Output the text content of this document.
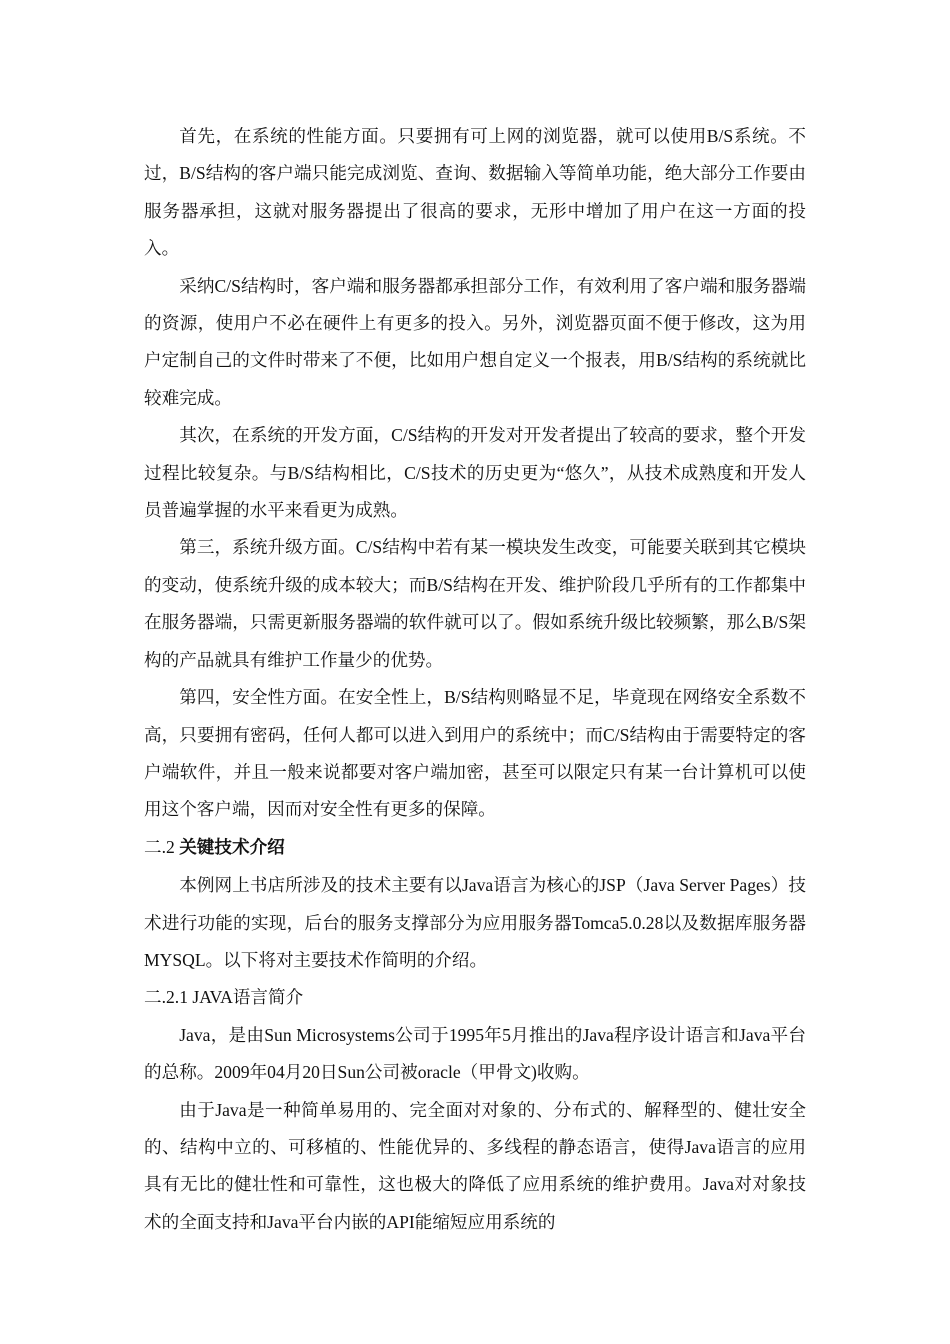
首先，在系统的性能方面。只要拥有可上网的浏览器，就可以使用B/S系统。不过，B/S结构的客户端只能完成浏览、查询、数据输入等简单功能，绝大部分工作要由服务器承担，这就对服务器提出了很高的要求，无形中增加了用户在这一方面的投入。

采纳C/S结构时，客户端和服务器都承担部分工作，有效利用了客户端和服务器端的资源，使用户不必在硬件上有更多的投入。另外，浏览器页面不便于修改，这为用户定制自己的文件时带来了不便，比如用户想自定义一个报表，用B/S结构的系统就比较难完成。

其次，在系统的开发方面，C/S结构的开发对开发者提出了较高的要求，整个开发过程比较复杂。与B/S结构相比，C/S技术的历史更为“悠久”，从技术成熟度和开发人员普遍掌握的水平来看更为成熟。

第三，系统升级方面。C/S结构中若有某一模块发生改变，可能要关联到其它模块的变动，使系统升级的成本较大；而B/S结构在开发、维护阶段几乎所有的工作都集中在服务器端，只需更新服务器端的软件就可以了。假如系统升级比较频繁，那么B/S架构的产品就具有维护工作量少的优势。

第四，安全性方面。在安全性上，B/S结构则略显不足，毕竟现在网络安全系数不高，只要拥有密码，任何人都可以进入到用户的系统中；而C/S结构由于需要特定的客户端软件，并且一般来说都要对客户端加密，甚至可以限定只有某一台计算机可以使用这个客户端，因而对安全性有更多的保障。

二.2 关键技术介绍

本例网上书店所涉及的技术主要有以Java语言为核心的JSP（Java Server Pages）技术进行功能的实现，后台的服务支撑部分为应用服务器Tomca5.0.28以及数据库服务器MYSQL。以下将对主要技术作简明的介绍。

二.2.1 JAVA语言简介

Java，是由Sun Microsystems公司于1995年5月推出的Java程序设计语言和Java平台的总称。2009年04月20日Sun公司被oracle（甲骨文)收购。

由于Java是一种简单易用的、完全面对对象的、分布式的、解释型的、健壮安全的、结构中立的、可移植的、性能优异的、多线程的静态语言，使得Java语言的应用具有无比的健壮性和可靠性，这也极大的降低了应用系统的维护费用。Java对对象技术的全面支持和Java平台内嵌的API能缩短应用系统的
